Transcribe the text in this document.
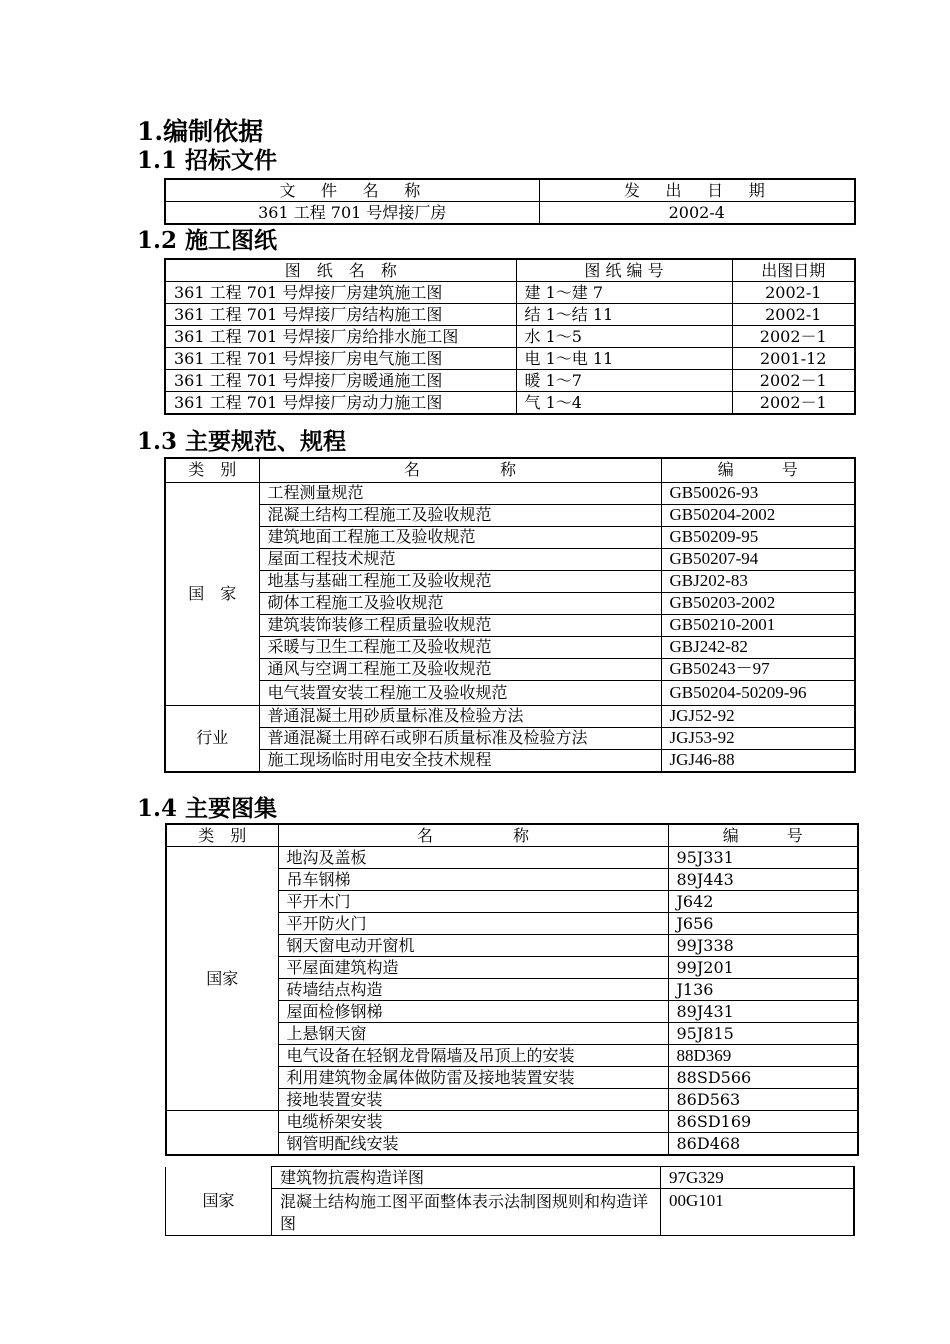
1.编制依据
1.1 招标文件
文　件　名　称	发　出　日　期
361 工程 701 号焊接厂房	2002-4
1.2 施工图纸
图　纸　名　称	图 纸 编 号	出图日期
361 工程 701 号焊接厂房建筑施工图	建 1～建 7	2002-1
361 工程 701 号焊接厂房结构施工图	结 1～结 11	2002-1
361 工程 701 号焊接厂房给排水施工图	水 1～5	2002－1
361 工程 701 号焊接厂房电气施工图	电 1～电 11	2001-12
361 工程 701 号焊接厂房暖通施工图	暖 1～7	2002－1
361 工程 701 号焊接厂房动力施工图	气 1～4	2002－1
1.3 主要规范、规程
类　别	名　　　　　称	编　　　号
国　家	工程测量规范	GB50026-93
	混凝土结构工程施工及验收规范	GB50204-2002
	建筑地面工程施工及验收规范	GB50209-95
	屋面工程技术规范	GB50207-94
	地基与基础工程施工及验收规范	GBJ202-83
	砌体工程施工及验收规范	GB50203-2002
	建筑装饰装修工程质量验收规范	GB50210-2001
	采暖与卫生工程施工及验收规范	GBJ242-82
	通风与空调工程施工及验收规范	GB50243－97
	电气装置安装工程施工及验收规范	GB50204-50209-96
行业	普通混凝土用砂质量标准及检验方法	JGJ52-92
	普通混凝土用碎石或卵石质量标准及检验方法	JGJ53-92
	施工现场临时用电安全技术规程	JGJ46-88
1.4 主要图集
类　别	名　　　　　称	编　　　号
国家	地沟及盖板	95J331
	吊车钢梯	89J443
	平开木门	J642
	平开防火门	J656
	钢天窗电动开窗机	99J338
	平屋面建筑构造	99J201
	砖墙结点构造	J136
	屋面检修钢梯	89J431
	上悬钢天窗	95J815
	电气设备在轻钢龙骨隔墙及吊顶上的安装	88D369
	利用建筑物金属体做防雷及接地装置安装	88SD566
	接地装置安装	86D563
	电缆桥架安装	86SD169
	钢管明配线安装	86D468
国家	建筑物抗震构造详图	97G329
	混凝土结构施工图平面整体表示法制图规则和构造详图	00G101
